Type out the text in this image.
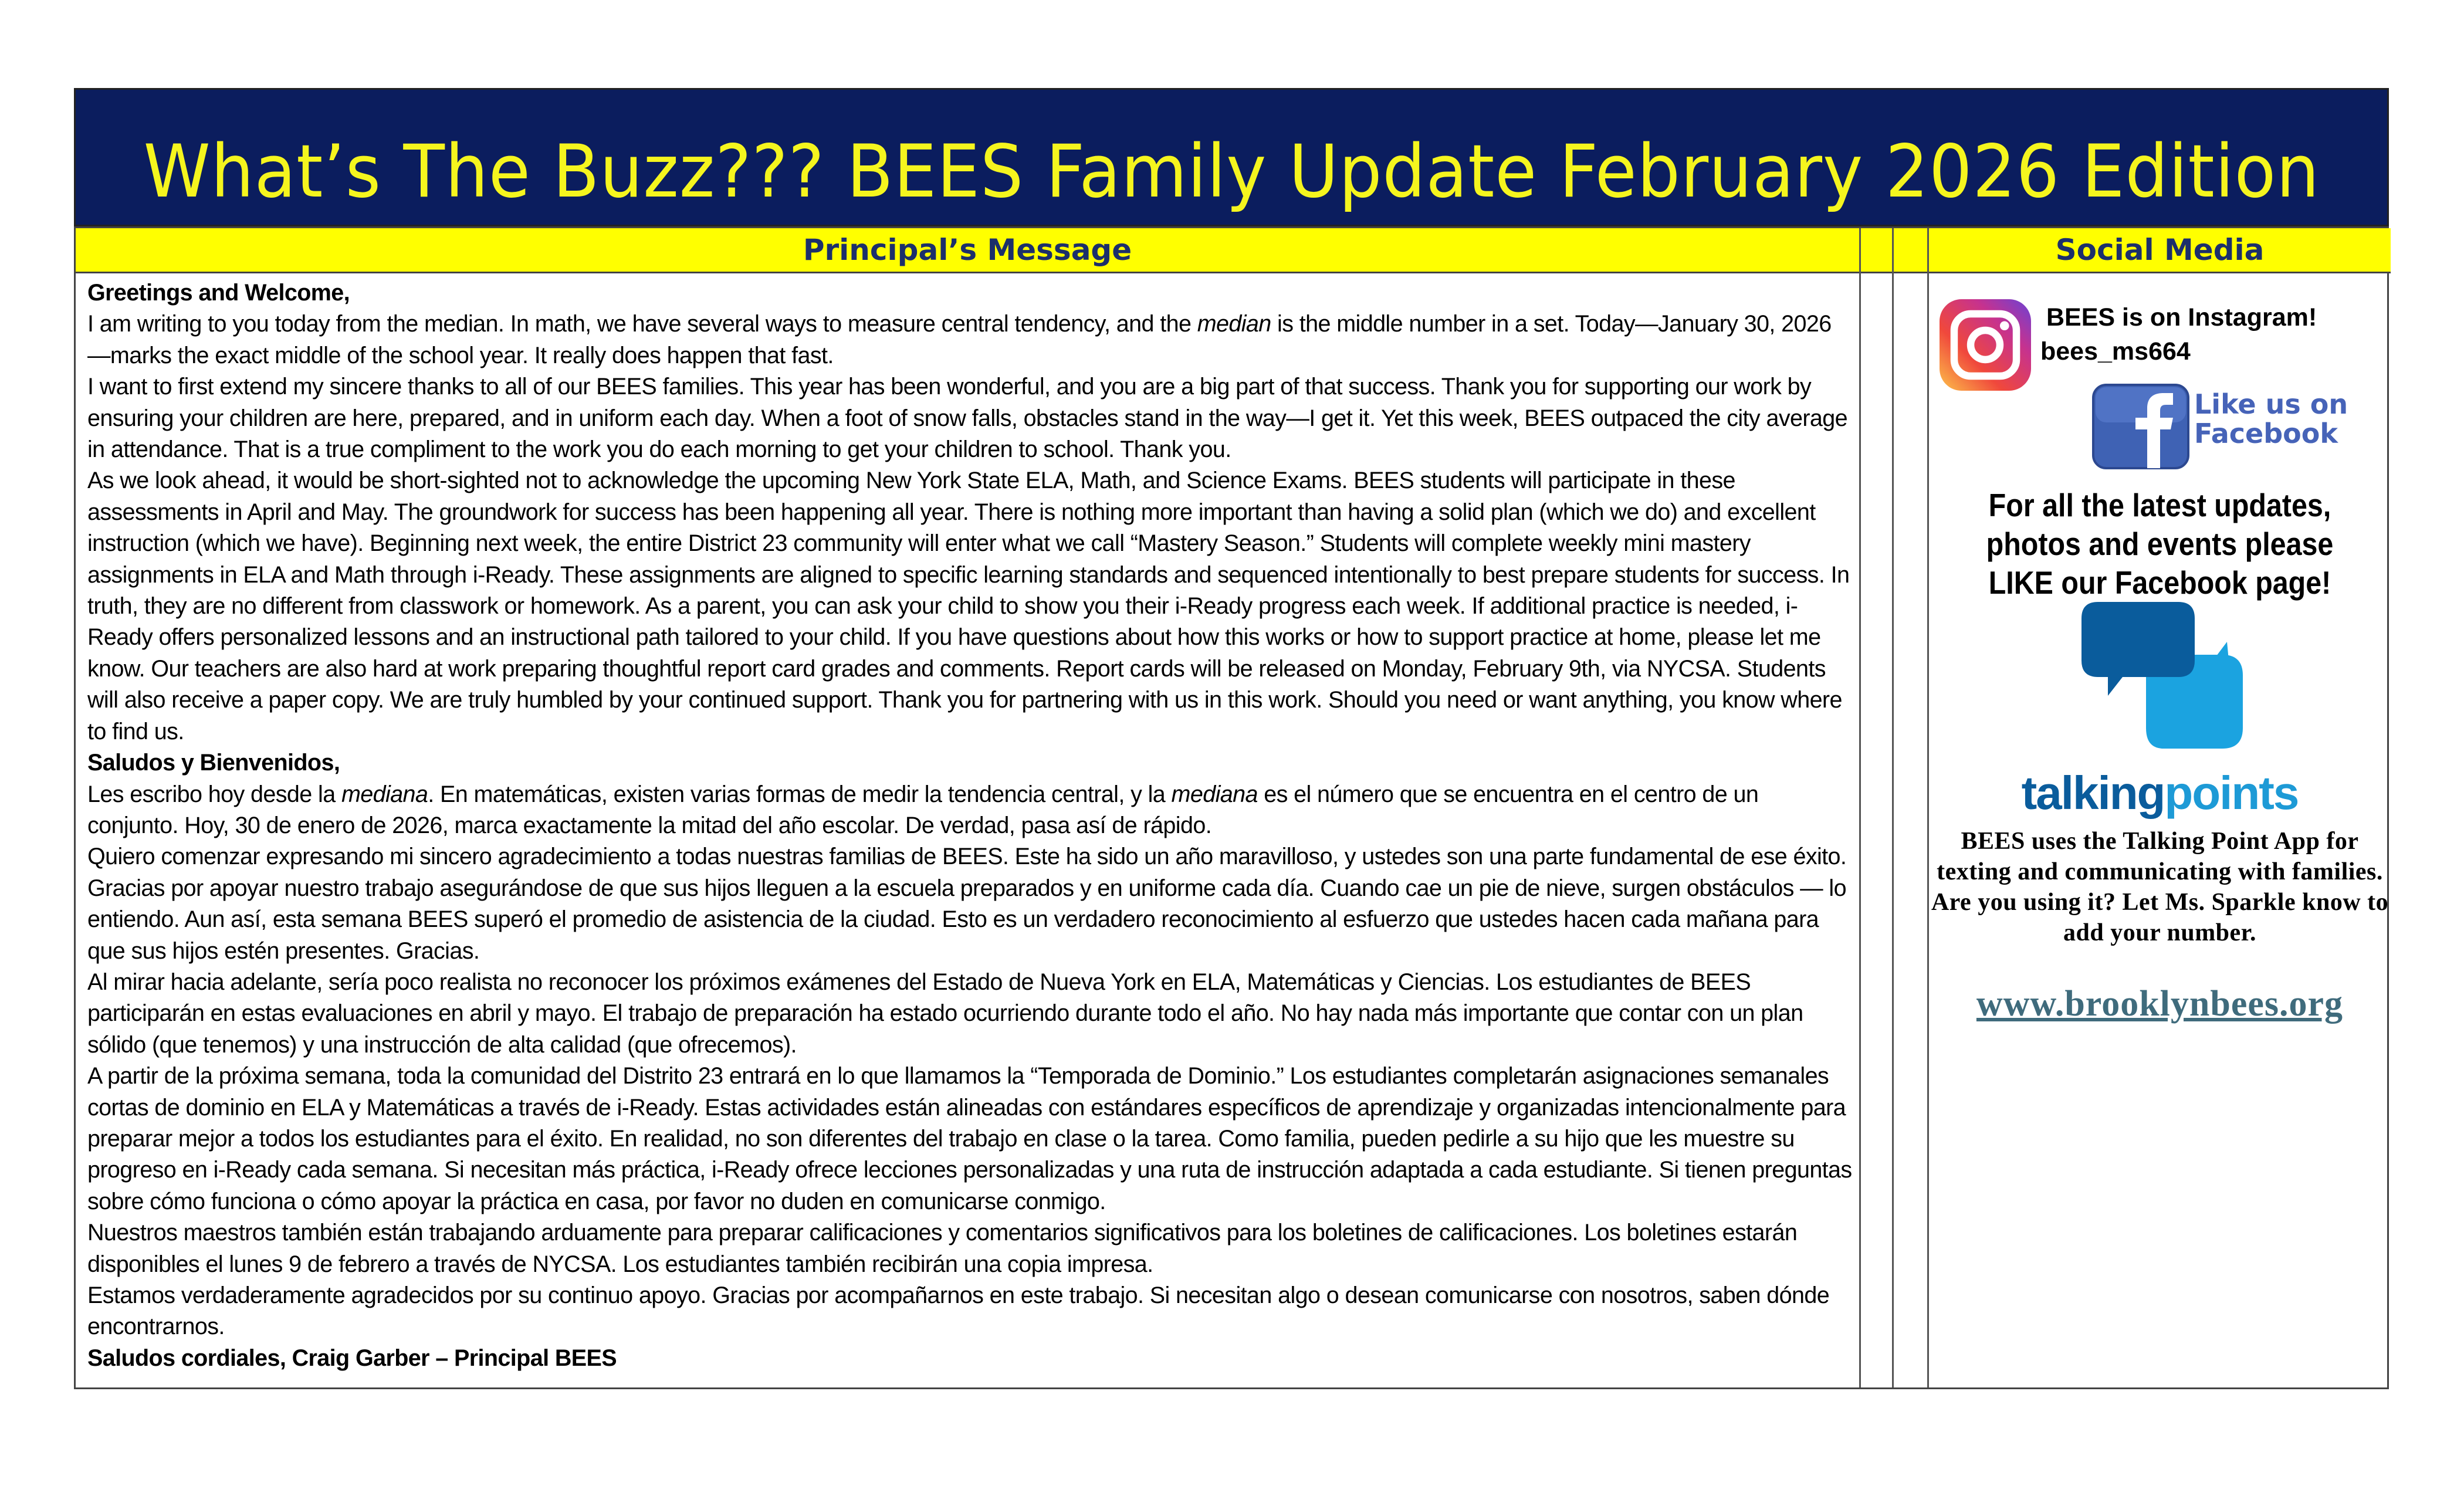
What’s The Buzz??? BEES Family Update February 2026 Edition
Principal’s Message	Social Media

Greetings and Welcome,

I am writing to you today from the median. In math, we have several ways to measure central tendency, and the median is the middle number in a set. Today—January 30, 2026—marks the exact middle of the school year. It really does happen that fast.

I want to first extend my sincere thanks to all of our BEES families. This year has been wonderful, and you are a big part of that success. Thank you for supporting our work by ensuring your children are here, prepared, and in uniform each day. When a foot of snow falls, obstacles stand in the way—I get it. Yet this week, BEES outpaced the city average in attendance. That is a true compliment to the work you do each morning to get your children to school. Thank you.

As we look ahead, it would be short-sighted not to acknowledge the upcoming New York State ELA, Math, and Science Exams. BEES students will participate in these assessments in April and May. The groundwork for success has been happening all year. There is nothing more important than having a solid plan (which we do) and excellent instruction (which we have). Beginning next week, the entire District 23 community will enter what we call “Mastery Season.” Students will complete weekly mini mastery assignments in ELA and Math through i-Ready. These assignments are aligned to specific learning standards and sequenced intentionally to best prepare students for success. In truth, they are no different from classwork or homework. As a parent, you can ask your child to show you their i-Ready progress each week. If additional practice is needed, i-Ready offers personalized lessons and an instructional path tailored to your child. If you have questions about how this works or how to support practice at home, please let me know. Our teachers are also hard at work preparing thoughtful report card grades and comments. Report cards will be released on Monday, February 9th, via NYCSA. Students will also receive a paper copy. We are truly humbled by your continued support. Thank you for partnering with us in this work. Should you need or want anything, you know where to find us.

Saludos y Bienvenidos,

Les escribo hoy desde la mediana. En matemáticas, existen varias formas de medir la tendencia central, y la mediana es el número que se encuentra en el centro de un conjunto. Hoy, 30 de enero de 2026, marca exactamente la mitad del año escolar. De verdad, pasa así de rápido.

Quiero comenzar expresando mi sincero agradecimiento a todas nuestras familias de BEES. Este ha sido un año maravilloso, y ustedes son una parte fundamental de ese éxito. Gracias por apoyar nuestro trabajo asegurándose de que sus hijos lleguen a la escuela preparados y en uniforme cada día. Cuando cae un pie de nieve, surgen obstáculos — lo entiendo. Aun así, esta semana BEES superó el promedio de asistencia de la ciudad. Esto es un verdadero reconocimiento al esfuerzo que ustedes hacen cada mañana para que sus hijos estén presentes. Gracias.

Al mirar hacia adelante, sería poco realista no reconocer los próximos exámenes del Estado de Nueva York en ELA, Matemáticas y Ciencias. Los estudiantes de BEES participarán en estas evaluaciones en abril y mayo. El trabajo de preparación ha estado ocurriendo durante todo el año. No hay nada más importante que contar con un plan sólido (que tenemos) y una instrucción de alta calidad (que ofrecemos).

A partir de la próxima semana, toda la comunidad del Distrito 23 entrará en lo que llamamos la “Temporada de Dominio.” Los estudiantes completarán asignaciones semanales cortas de dominio en ELA y Matemáticas a través de i-Ready. Estas actividades están alineadas con estándares específicos de aprendizaje y organizadas intencionalmente para preparar mejor a todos los estudiantes para el éxito. En realidad, no son diferentes del trabajo en clase o la tarea. Como familia, pueden pedirle a su hijo que les muestre su progreso en i-Ready cada semana. Si necesitan más práctica, i-Ready ofrece lecciones personalizadas y una ruta de instrucción adaptada a cada estudiante. Si tienen preguntas sobre cómo funciona o cómo apoyar la práctica en casa, por favor no duden en comunicarse conmigo.

Nuestros maestros también están trabajando arduamente para preparar calificaciones y comentarios significativos para los boletines de calificaciones. Los boletines estarán disponibles el lunes 9 de febrero a través de NYCSA. Los estudiantes también recibirán una copia impresa.

Estamos verdaderamente agradecidos por su continuo apoyo. Gracias por acompañarnos en este trabajo. Si necesitan algo o desean comunicarse con nosotros, saben dónde encontrarnos.

Saludos cordiales, Craig Garber – Principal BEES

BEES is on Instagram!
bees_ms664
Like us on
Facebook
For all the latest updates, photos and events please LIKE our Facebook page!
talkingpoints
BEES uses the Talking Point App for texting and communicating with families. Are you using it? Let Ms. Sparkle know to add your number.
www.brooklynbees.org
